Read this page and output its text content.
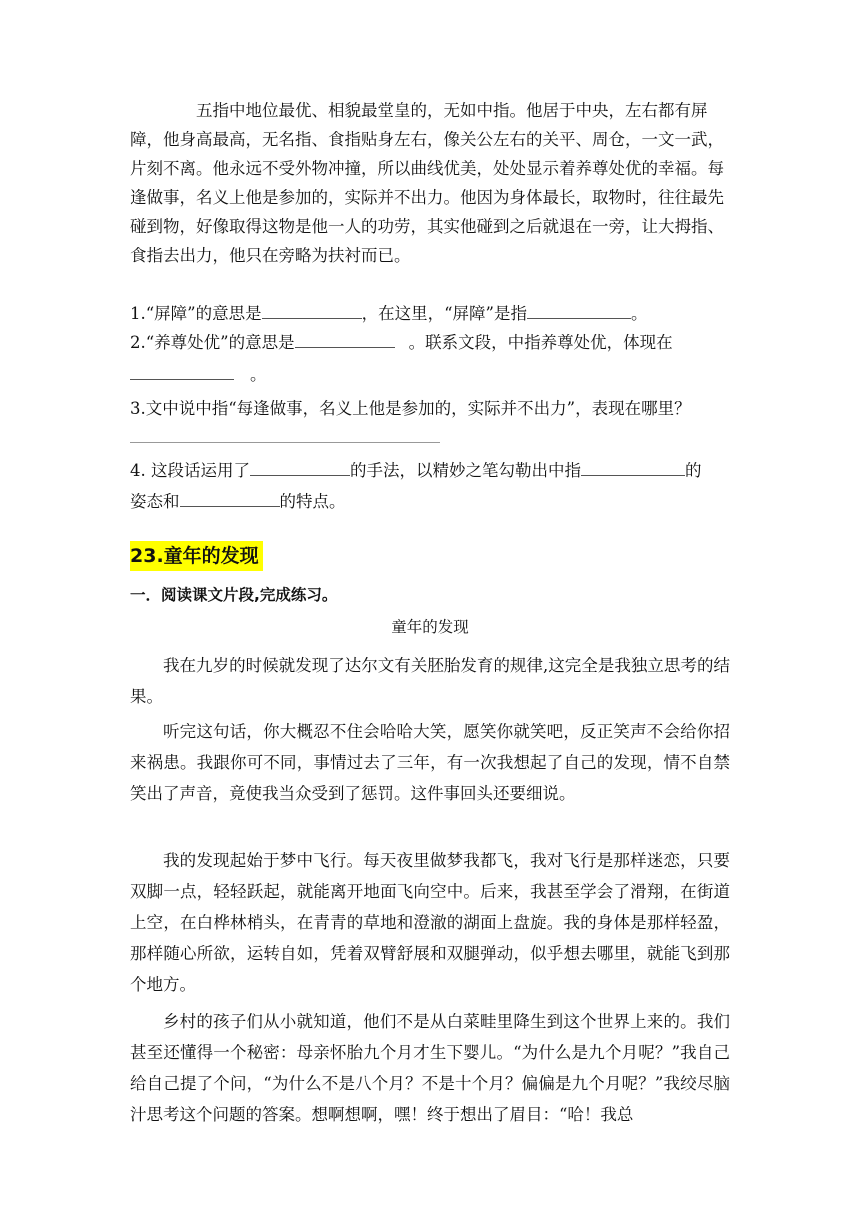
五指中地位最优、相貌最堂皇的，无如中指。他居于中央，左右都有屏障，他身高最高，无名指、食指贴身左右，像关公左右的关平、周仓，一文一武，片刻不离。他永远不受外物冲撞，所以曲线优美，处处显示着养尊处优的幸福。每逢做事，名义上他是参加的，实际并不出力。他因为身体最长，取物时，往往最先碰到物，好像取得这物是他一人的功劳，其实他碰到之后就退在一旁，让大拇指、食指去出力，他只在旁略为扶衬而已。
1.“屏障”的意思是	，在这里，“屏障”是指	。
2.“养尊处优”的意思是	。联系文段，中指养尊处优，体现在
。
3.文中说中指“每逢做事，名义上他是参加的，实际并不出力”，表现在哪里？
4. 这段话运用了	的手法，以精妙之笔勾勒出中指	的
姿态和	的特点。
23.童年的发现
一．阅读课文片段,完成练习。
童年的发现
我在九岁的时候就发现了达尔文有关胚胎发育的规律,这完全是我独立思考的结果。
听完这句话，你大概忍不住会哈哈大笑，愿笑你就笑吧，反正笑声不会给你招来祸患。我跟你可不同，事情过去了三年，有一次我想起了自己的发现，情不自禁笑出了声音，竟使我当众受到了惩罚。这件事回头还要细说。
我的发现起始于梦中飞行。每天夜里做梦我都飞，我对飞行是那样迷恋，只要双脚一点，轻轻跃起，就能离开地面飞向空中。后来，我甚至学会了滑翔，在街道上空，在白桦林梢头，在青青的草地和澄澈的湖面上盘旋。我的身体是那样轻盈，那样随心所欲，运转自如，凭着双臂舒展和双腿弹动，似乎想去哪里，就能飞到那个地方。
乡村的孩子们从小就知道，他们不是从白菜畦里降生到这个世界上来的。我们甚至还懂得一个秘密：母亲怀胎九个月才生下婴儿。“为什么是九个月呢？”我自己给自己提了个问，“为什么不是八个月？不是十个月？偏偏是九个月呢？”我绞尽脑汁思考这个问题的答案。想啊想啊，嘿！终于想出了眉目：“哈！我总
